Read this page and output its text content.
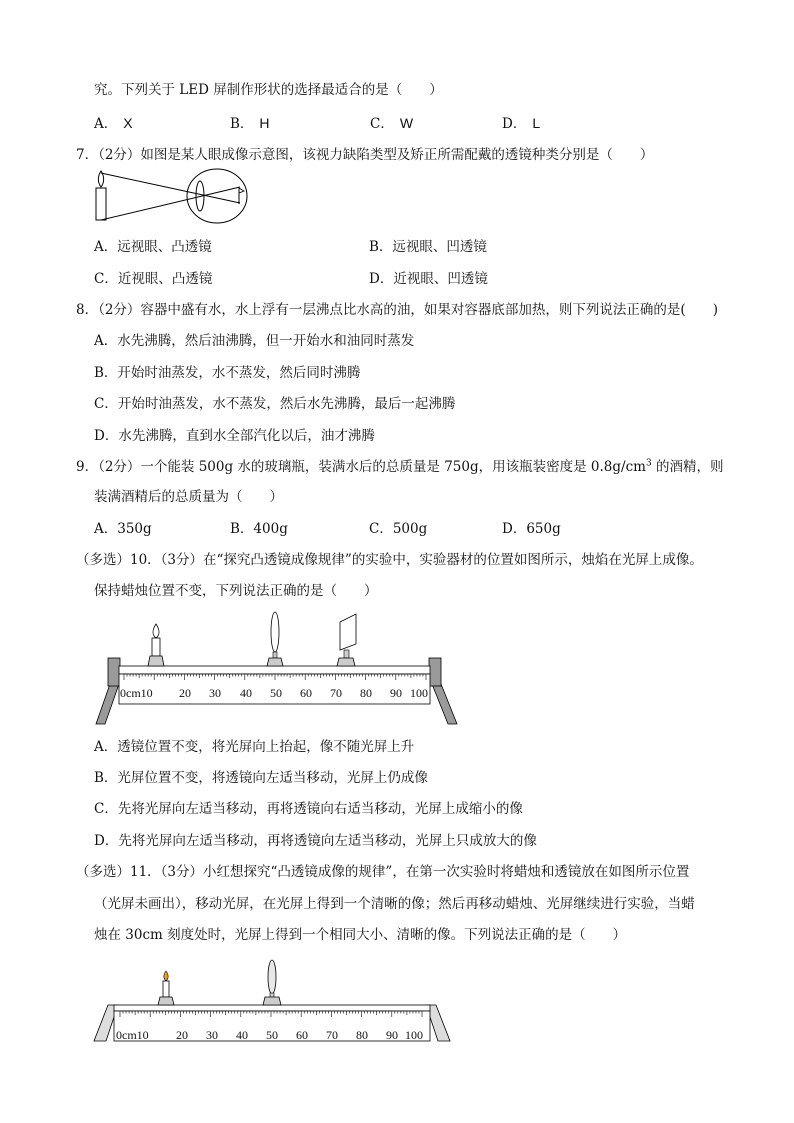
究。下列关于 LED 屏制作形状的选择最适合的是（　　）
A． X	B． H	C． W	D． L
7．（2分）如图是某人眼成像示意图，该视力缺陷类型及矫正所需配戴的透镜种类分别是（　　）
A．远视眼、凸透镜	B．远视眼、凹透镜
C．近视眼、凸透镜	D．近视眼、凹透镜
8．（2分）容器中盛有水，水上浮有一层沸点比水高的油，如果对容器底部加热，则下列说法正确的是(　　)
A．水先沸腾，然后油沸腾，但一开始水和油同时蒸发
B．开始时油蒸发，水不蒸发，然后同时沸腾
C．开始时油蒸发，水不蒸发，然后水先沸腾，最后一起沸腾
D．水先沸腾，直到水全部汽化以后，油才沸腾
9．（2分）一个能装 500g 水的玻璃瓶，装满水后的总质量是 750g，用该瓶装密度是 $0.8g/cm^3$ 的酒精，则
装满酒精后的总质量为（　　）
A．350g	B．400g	C．500g	D．650g
（多选）10．（3分）在“探究凸透镜成像规律”的实验中，实验器材的位置如图所示，烛焰在光屏上成像。
保持蜡烛位置不变，下列说法正确的是（　　）
0cm10 20 30 40 50 60 70 80 90 100
A．透镜位置不变，将光屏向上抬起，像不随光屏上升
B．光屏位置不变，将透镜向左适当移动，光屏上仍成像
C．先将光屏向左适当移动，再将透镜向右适当移动，光屏上成缩小的像
D．先将光屏向左适当移动，再将透镜向左适当移动，光屏上只成放大的像
（多选）11．（3分）小红想探究“凸透镜成像的规律”，在第一次实验时将蜡烛和透镜放在如图所示位置
（光屏未画出），移动光屏，在光屏上得到一个清晰的像；然后再移动蜡烛、光屏继续进行实验，当蜡
烛在 30cm 刻度处时，光屏上得到一个相同大小、清晰的像。下列说法正确的是（　　）
0cm10 20 30 40 50 60 70 80 90 100
